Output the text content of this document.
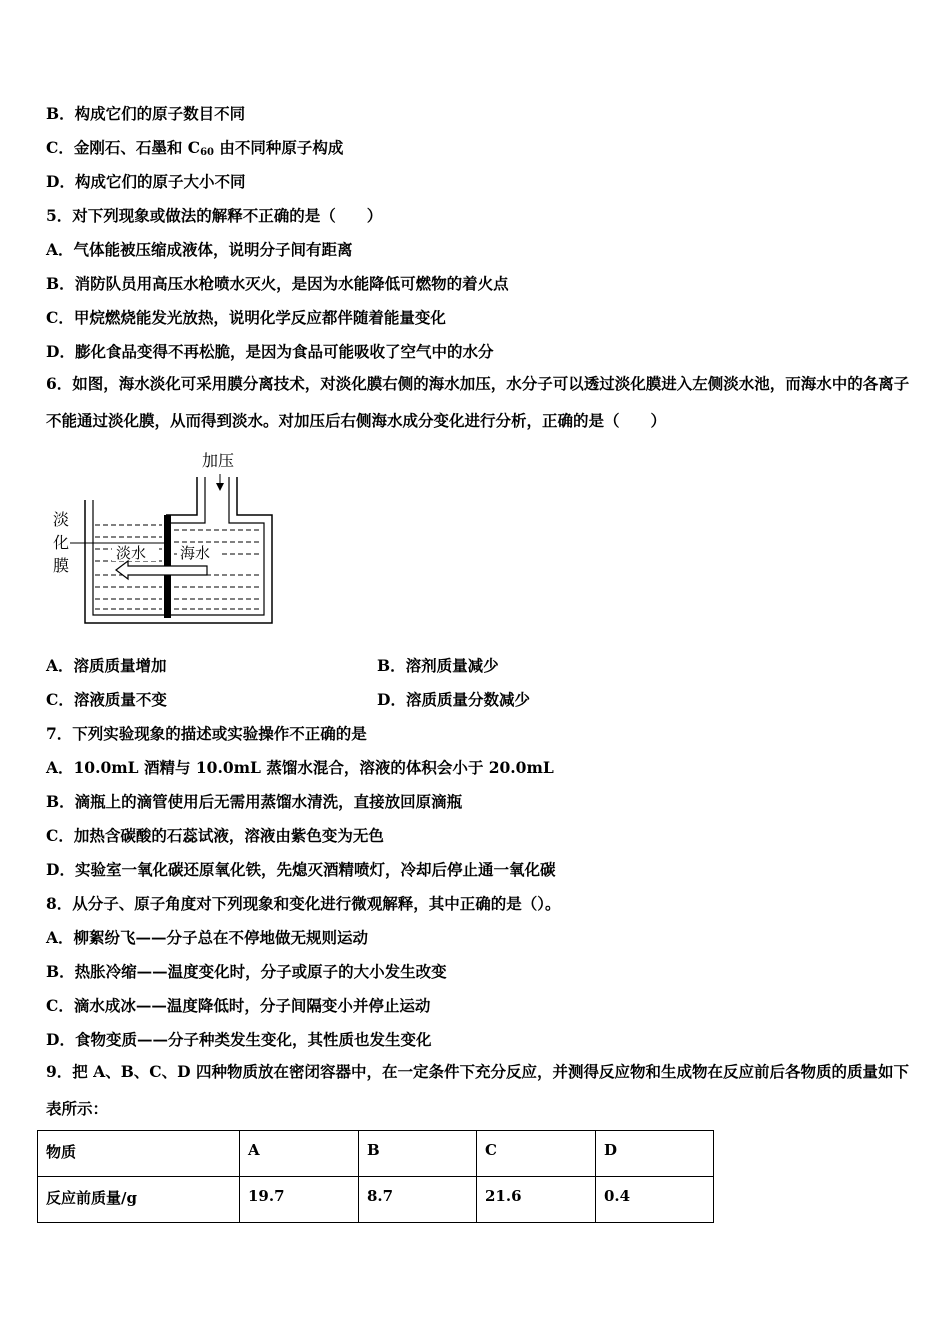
B．构成它们的原子数目不同
C．金刚石、石墨和 $C_{60}$ 由不同种原子构成
D．构成它们的原子大小不同
5．对下列现象或做法的解释不正确的是（　　）
A．气体能被压缩成液体，说明分子间有距离
B．消防队员用高压水枪喷水灭火，是因为水能降低可燃物的着火点
C．甲烷燃烧能发光放热，说明化学反应都伴随着能量变化
D．膨化食品变得不再松脆，是因为食品可能吸收了空气中的水分
6．如图，海水淡化可采用膜分离技术，对淡化膜右侧的海水加压，水分子可以透过淡化膜进入左侧淡水池，而海水中的各离子不能通过淡化膜，从而得到淡水。对加压后右侧海水成分变化进行分析，正确的是（　　）
加压
淡
化
膜
淡水 海水
A．溶质质量增加	B．溶剂质量减少
C．溶液质量不变	D．溶质质量分数减少
7．下列实验现象的描述或实验操作不正确的是
A．10.0mL 酒精与 10.0mL 蒸馏水混合，溶液的体积会小于 20.0mL
B．滴瓶上的滴管使用后无需用蒸馏水清洗，直接放回原滴瓶
C．加热含碳酸的石蕊试液，溶液由紫色变为无色
D．实验室一氧化碳还原氧化铁，先熄灭酒精喷灯，冷却后停止通一氧化碳
8．从分子、原子角度对下列现象和变化进行微观解释，其中正确的是（）。
A．柳絮纷飞——分子总在不停地做无规则运动
B．热胀冷缩——温度变化时，分子或原子的大小发生改变
C．滴水成冰——温度降低时，分子间隔变小并停止运动
D．食物变质——分子种类发生变化，其性质也发生变化
9．把 A、B、C、D 四种物质放在密闭容器中，在一定条件下充分反应，并测得反应物和生成物在反应前后各物质的质量如下表所示：
物质	A	B	C	D
反应前质量/g	19.7	8.7	21.6	0.4
